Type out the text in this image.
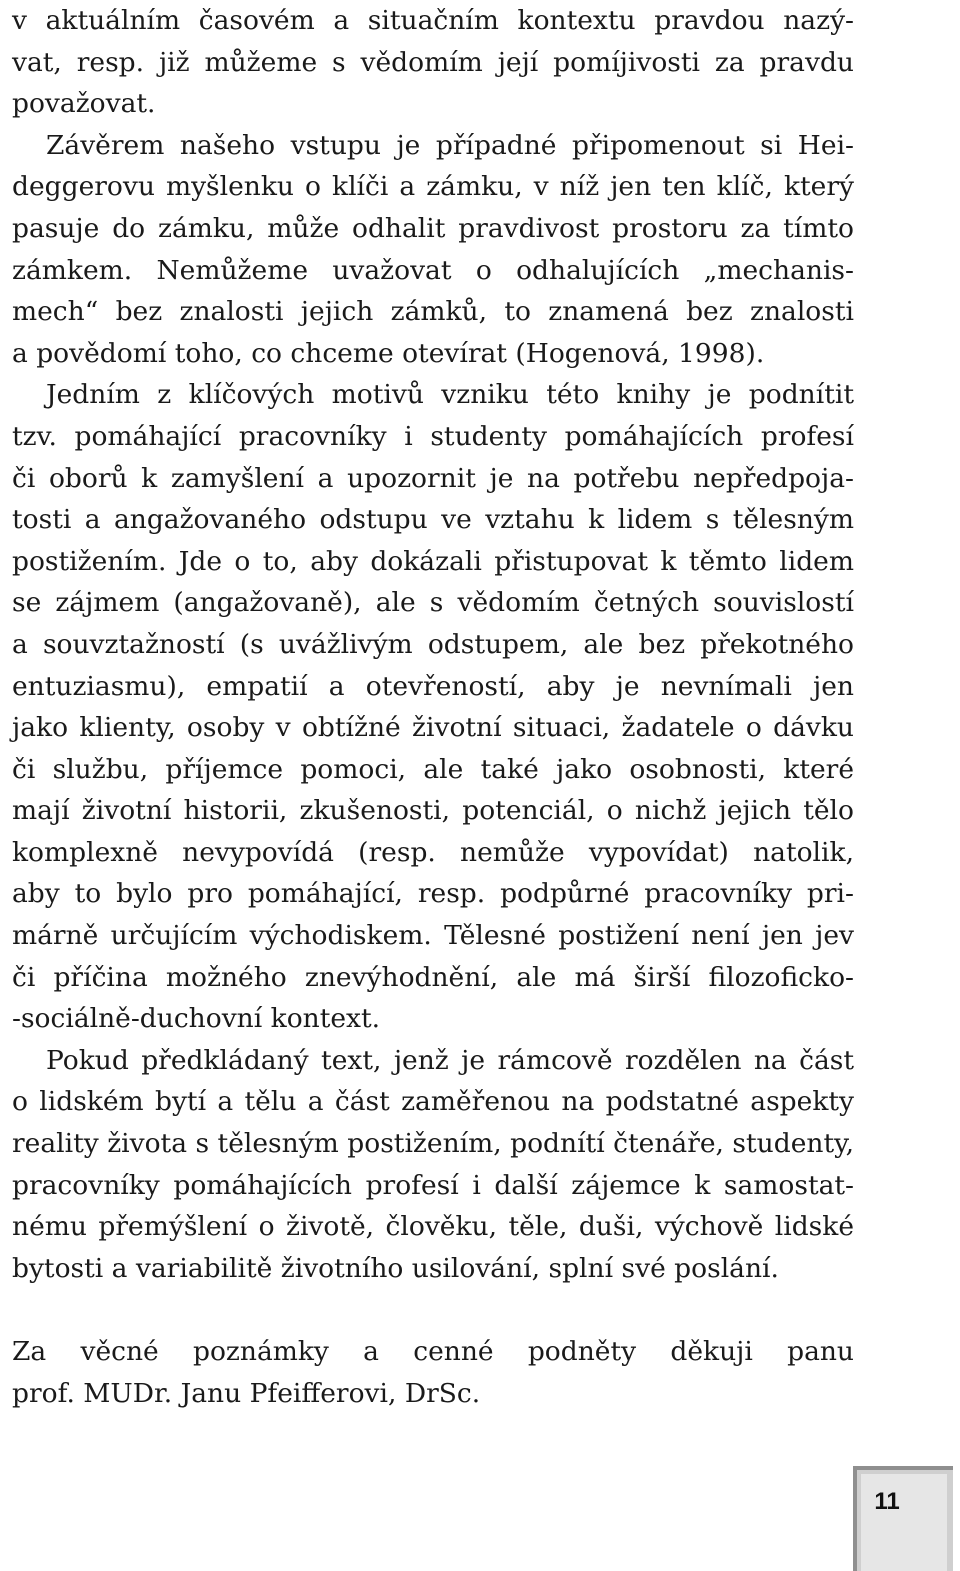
v aktuálním časovém a situačním kontextu pravdou nazý-
vat, resp. již můžeme s vědomím její pomíjivosti za pravdu
považovat.

Závěrem našeho vstupu je případné připomenout si Hei-
deggerovu myšlenku o klíči a zámku, v níž jen ten klíč, který
pasuje do zámku, může odhalit pravdivost prostoru za tímto
zámkem. Nemůžeme uvažovat o odhalujících „mechanis-
mech“ bez znalosti jejich zámků, to znamená bez znalosti
a povědomí toho, co chceme otevírat (Hogenová, 1998).

Jedním z klíčových motivů vzniku této knihy je podnítit
tzv. pomáhající pracovníky i studenty pomáhajících profesí
či oborů k zamyšlení a upozornit je na potřebu nepředpoja-
tosti a angažovaného odstupu ve vztahu k lidem s tělesným
postižením. Jde o to, aby dokázali přistupovat k těmto lidem
se zájmem (angažovaně), ale s vědomím četných souvislostí
a souvztažností (s uvážlivým odstupem, ale bez překotného
entuziasmu), empatií a otevřeností, aby je nevnímali jen
jako klienty, osoby v obtížné životní situaci, žadatele o dávku
či službu, příjemce pomoci, ale také jako osobnosti, které
mají životní historii, zkušenosti, potenciál, o nichž jejich tělo
komplexně nevypovídá (resp. nemůže vypovídat) natolik,
aby to bylo pro pomáhající, resp. podpůrné pracovníky pri-
márně určujícím východiskem. Tělesné postižení není jen jev
či příčina možného znevýhodnění, ale má širší filozoficko-
-sociálně-duchovní kontext.

Pokud předkládaný text, jenž je rámcově rozdělen na část
o lidském bytí a tělu a část zaměřenou na podstatné aspekty
reality života s tělesným postižením, podnítí čtenáře, studenty,
pracovníky pomáhajících profesí i další zájemce k samostat-
nému přemýšlení o životě, člověku, těle, duši, výchově lidské
bytosti a variabilitě životního usilování, splní své poslání.

Za věcné poznámky a cenné podněty děkuji panu
prof. MUDr. Janu Pfeifferovi, DrSc.

11
